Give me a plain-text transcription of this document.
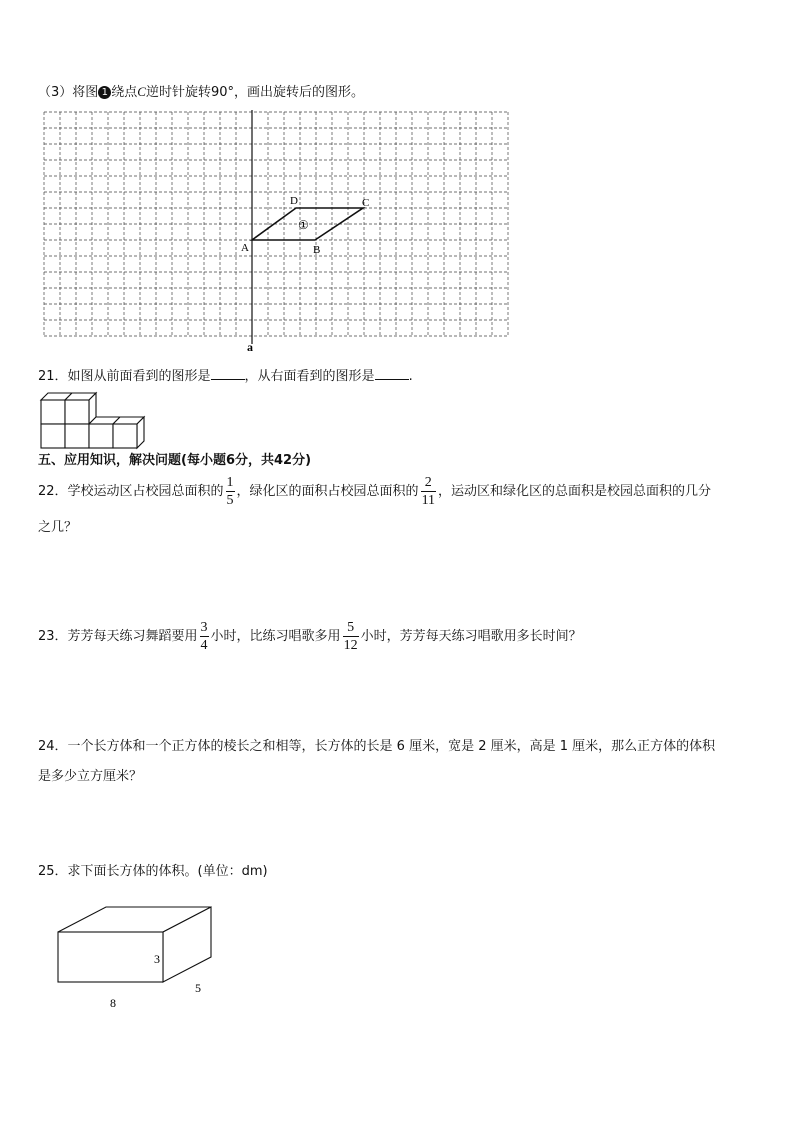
（3）将图 1 绕点C逆时针旋转90°，画出旋转后的图形。
A	B
C
D
①
a
21．如图从前面看到的图形是	，从右面看到的图形是	.
五、应用知识，解决问题(每小题6分，共42分)
22．学校运动区占校园总面积的 $\frac{1}{5}$ ，绿化区的面积占校园总面积的 $\frac{2}{11}$ ，运动区和绿化区的总面积是校园总面积的几分
之几？
23．芳芳每天练习舞蹈要用 $\frac{3}{4}$ 小时，比练习唱歌多用 $\frac{5}{12}$ 小时，芳芳每天练习唱歌用多长时间？
24．一个长方体和一个正方体的棱长之和相等，长方体的长是 6 厘米，宽是 2 厘米，高是 1 厘米，那么正方体的体积
是多少立方厘米？
25．求下面长方体的体积。(单位：dm)
3
5
8
